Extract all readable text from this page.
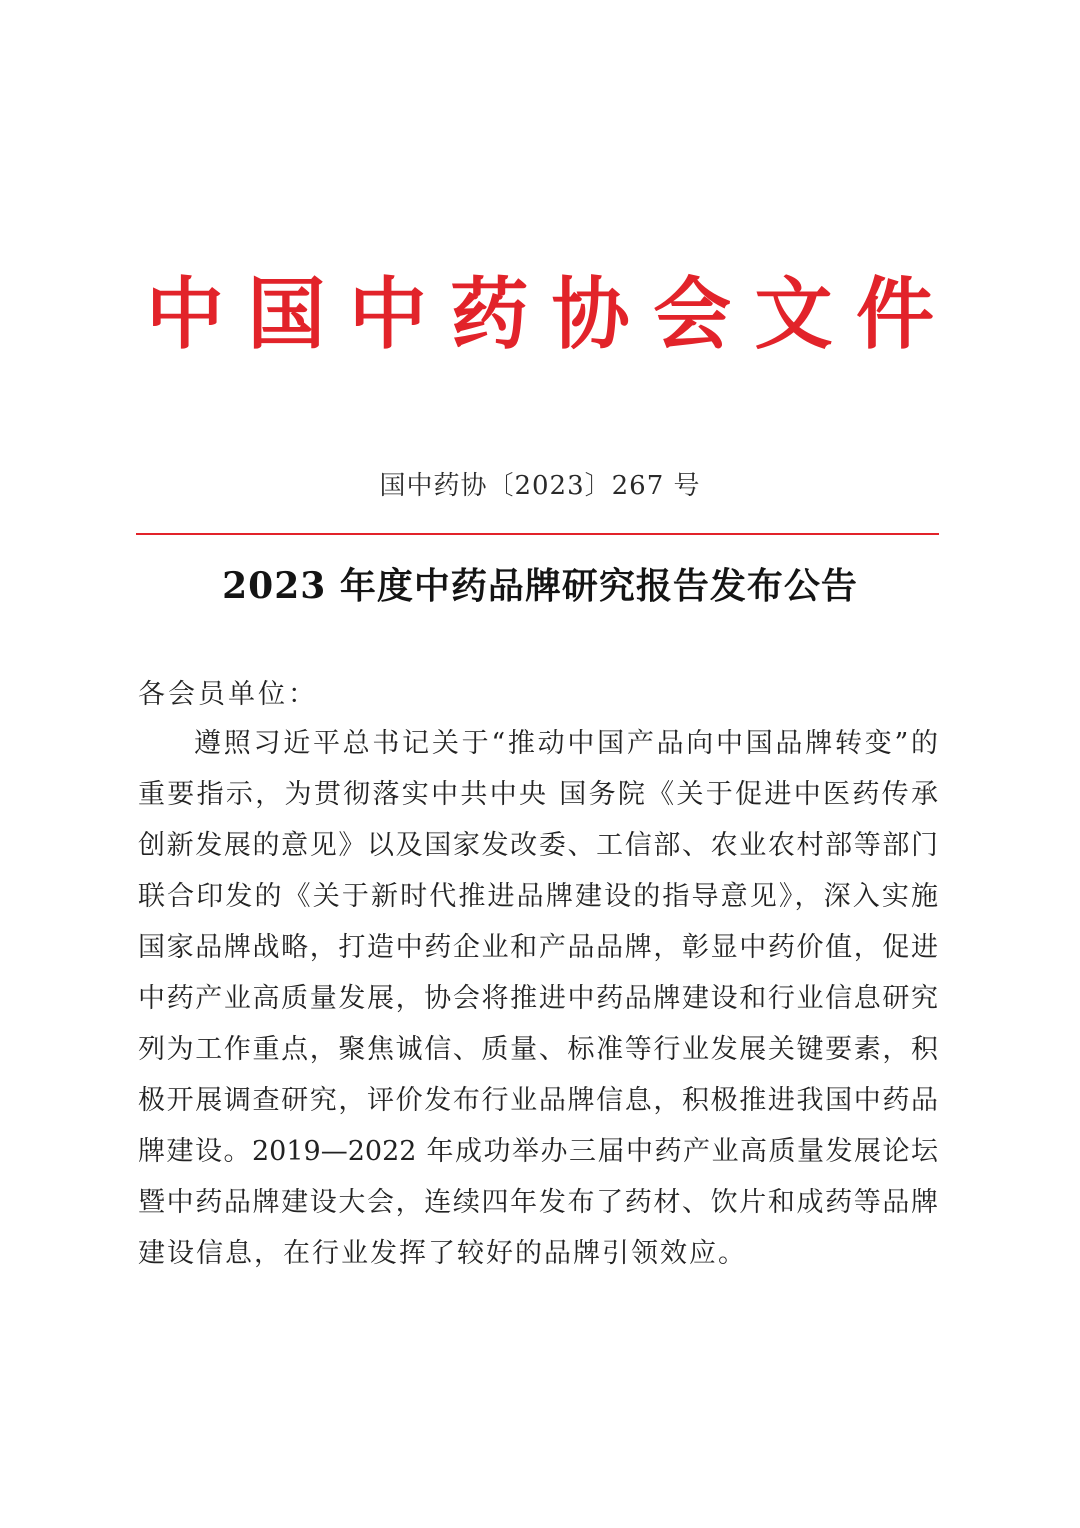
中 国 中 药 协 会 文 件
国中药协〔2023〕267 号
2023 年度中药品牌研究报告发布公告
各会员单位：
遵照习近平总书记关于“推动中国产品向中国品牌转变”的
重要指示，为贯彻落实中共中央 国务院《关于促进中医药传承
创新发展的意见》以及国家发改委、工信部、农业农村部等部门
联合印发的《关于新时代推进品牌建设的指导意见》，深入实施
国家品牌战略，打造中药企业和产品品牌，彰显中药价值，促进
中药产业高质量发展，协会将推进中药品牌建设和行业信息研究
列为工作重点，聚焦诚信、质量、标准等行业发展关键要素，积
极开展调查研究，评价发布行业品牌信息，积极推进我国中药品
牌建设。2019—2022 年成功举办三届中药产业高质量发展论坛
暨中药品牌建设大会，连续四年发布了药材、饮片和成药等品牌
建设信息，在行业发挥了较好的品牌引领效应。
